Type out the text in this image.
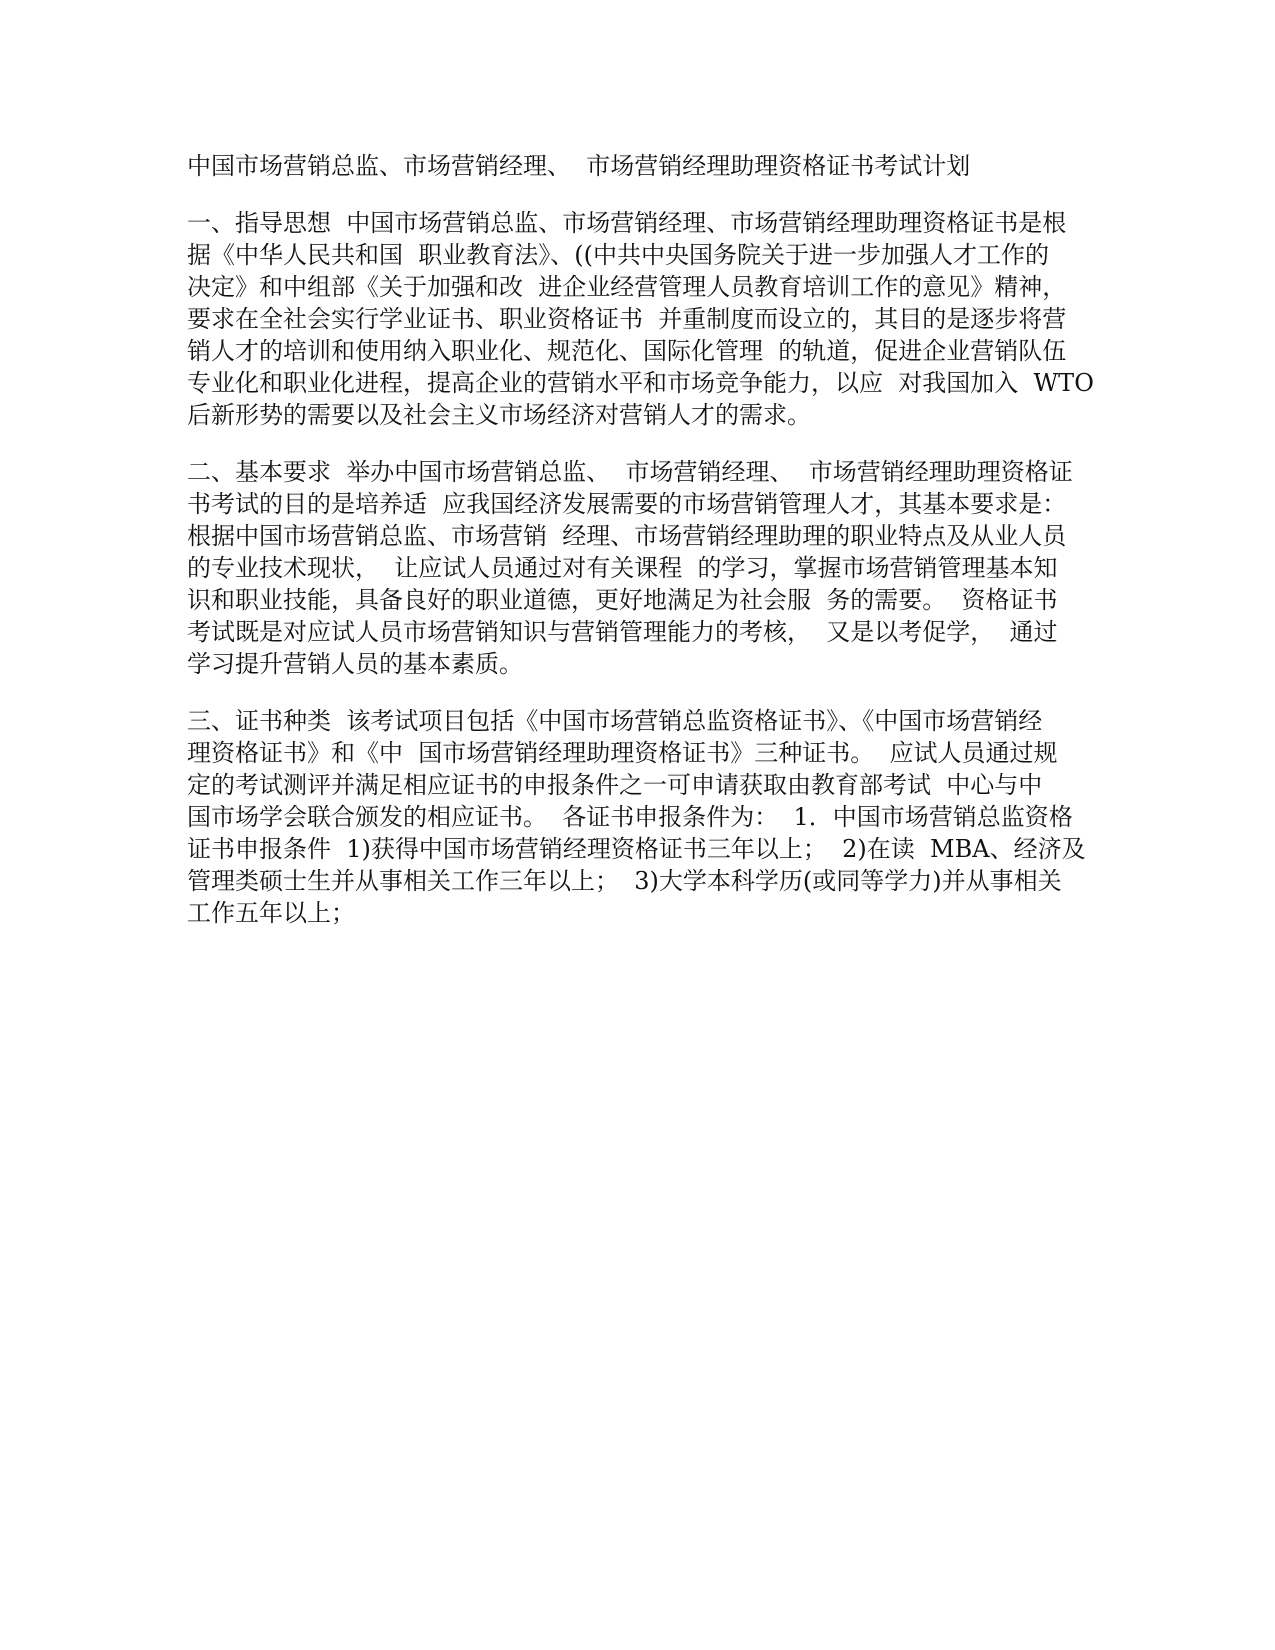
中国市场营销总监、市场营销经理、  市场营销经理助理资格证书考试计划
一、指导思想  中国市场营销总监、市场营销经理、市场营销经理助理资格证书是根
据《中华人民共和国  职业教育法》、((中共中央国务院关于进一步加强人才工作的
决定》和中组部《关于加强和改  进企业经营管理人员教育培训工作的意见》精神，
要求在全社会实行学业证书、职业资格证书  并重制度而设立的，其目的是逐步将营
销人才的培训和使用纳入职业化、规范化、国际化管理  的轨道，促进企业营销队伍
专业化和职业化进程，提高企业的营销水平和市场竞争能力，以应  对我国加入  WTO
后新形势的需要以及社会主义市场经济对营销人才的需求。
二、基本要求  举办中国市场营销总监、  市场营销经理、  市场营销经理助理资格证
书考试的目的是培养适  应我国经济发展需要的市场营销管理人才，其基本要求是：
根据中国市场营销总监、市场营销  经理、市场营销经理助理的职业特点及从业人员
的专业技术现状，  让应试人员通过对有关课程  的学习，掌握市场营销管理基本知
识和职业技能，具备良好的职业道德，更好地满足为社会服  务的需要。  资格证书
考试既是对应试人员市场营销知识与营销管理能力的考核，  又是以考促学，  通过
学习提升营销人员的基本素质。
三、证书种类  该考试项目包括《中国市场营销总监资格证书》、《中国市场营销经
理资格证书》和《中  国市场营销经理助理资格证书》三种证书。  应试人员通过规
定的考试测评并满足相应证书的申报条件之一可申请获取由教育部考试  中心与中
国市场学会联合颁发的相应证书。  各证书申报条件为：  1．中国市场营销总监资格
证书申报条件  1)获得中国市场营销经理资格证书三年以上；  2)在读  MBA、经济及
管理类硕士生并从事相关工作三年以上；  3)大学本科学历(或同等学力)并从事相关
工作五年以上；
